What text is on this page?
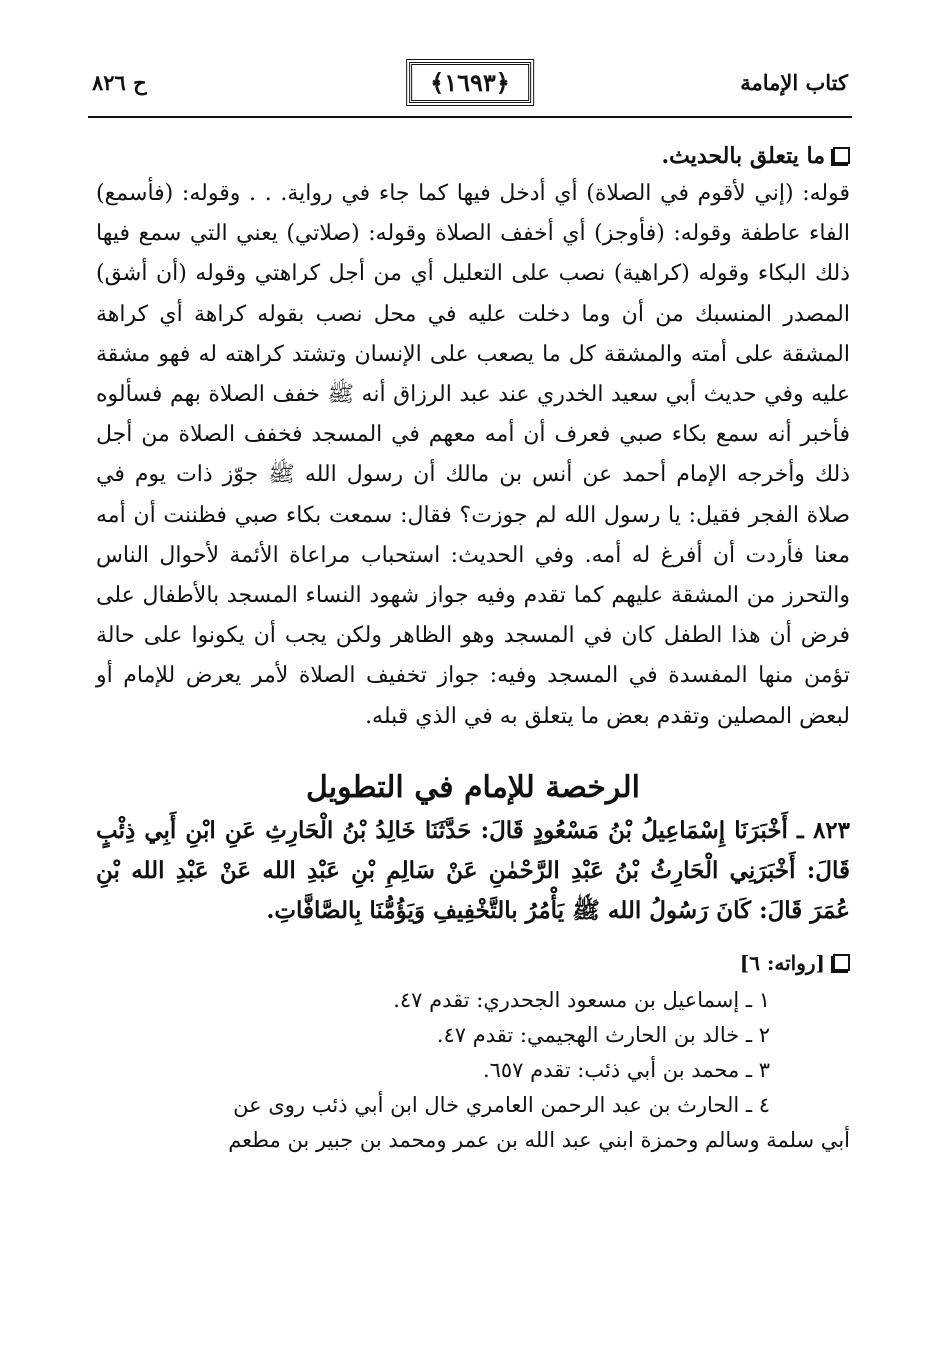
كتاب الإمامة
﴿١٦٩٣﴾
ح ٨٢٦

ما يتعلق بالحديث.

قوله: (إني لأقوم في الصلاة) أي أدخل فيها كما جاء في رواية. . . وقوله: (فأسمع) الفاء عاطفة وقوله: (فأوجز) أي أخفف الصلاة وقوله: (صلاتي) يعني التي سمع فيها ذلك البكاء وقوله (كراهية) نصب على التعليل أي من أجل كراهتي وقوله (أن أشق) المصدر المنسبك من أن وما دخلت عليه في محل نصب بقوله كراهة أي كراهة المشقة على أمته والمشقة كل ما يصعب على الإنسان وتشتد كراهته له فهو مشقة عليه وفي حديث أبي سعيد الخدري عند عبد الرزاق أنه ﷺ خفف الصلاة بهم فسألوه فأخبر أنه سمع بكاء صبي فعرف أن أمه معهم في المسجد فخفف الصلاة من أجل ذلك وأخرجه الإمام أحمد عن أنس بن مالك أن رسول الله ﷺ جوّز ذات يوم في صلاة الفجر فقيل: يا رسول الله لم جوزت؟ فقال: سمعت بكاء صبي فظننت أن أمه معنا فأردت أن أفرغ له أمه. وفي الحديث: استحباب مراعاة الأئمة لأحوال الناس والتحرز من المشقة عليهم كما تقدم وفيه جواز شهود النساء المسجد بالأطفال على فرض أن هذا الطفل كان في المسجد وهو الظاهر ولكن يجب أن يكونوا على حالة تؤمن منها المفسدة في المسجد وفيه: جواز تخفيف الصلاة لأمر يعرض للإمام أو لبعض المصلين وتقدم بعض ما يتعلق به في الذي قبله.

الرخصة للإمام في التطويل

٨٢٣ ـ أَخْبَرَنَا إِسْمَاعِيلُ بْنُ مَسْعُودٍ قَالَ: حَدَّثَنَا خَالِدُ بْنُ الْحَارِثِ عَنِ ابْنِ أَبِي ذِئْبٍ قَالَ: أَخْبَرَنِي الْحَارِثُ بْنُ عَبْدِ الرَّحْمٰنِ عَنْ سَالِمِ بْنِ عَبْدِ الله عَنْ عَبْدِ الله بْنِ عُمَرَ قَالَ: كَانَ رَسُولُ الله ﷺ يَأْمُرُ بالتَّخْفِيفِ وَيَؤُمُّنَا بِالصَّافَّاتِ.

[رواته: ٦]

١ ـ إسماعيل بن مسعود الجحدري: تقدم ٤٧.
٢ ـ خالد بن الحارث الهجيمي: تقدم ٤٧.
٣ ـ محمد بن أبي ذئب: تقدم ٦٥٧.
٤ ـ الحارث بن عبد الرحمن العامري خال ابن أبي ذئب روى عن

أبي سلمة وسالم وحمزة ابني عبد الله بن عمر ومحمد بن جبير بن مطعم
